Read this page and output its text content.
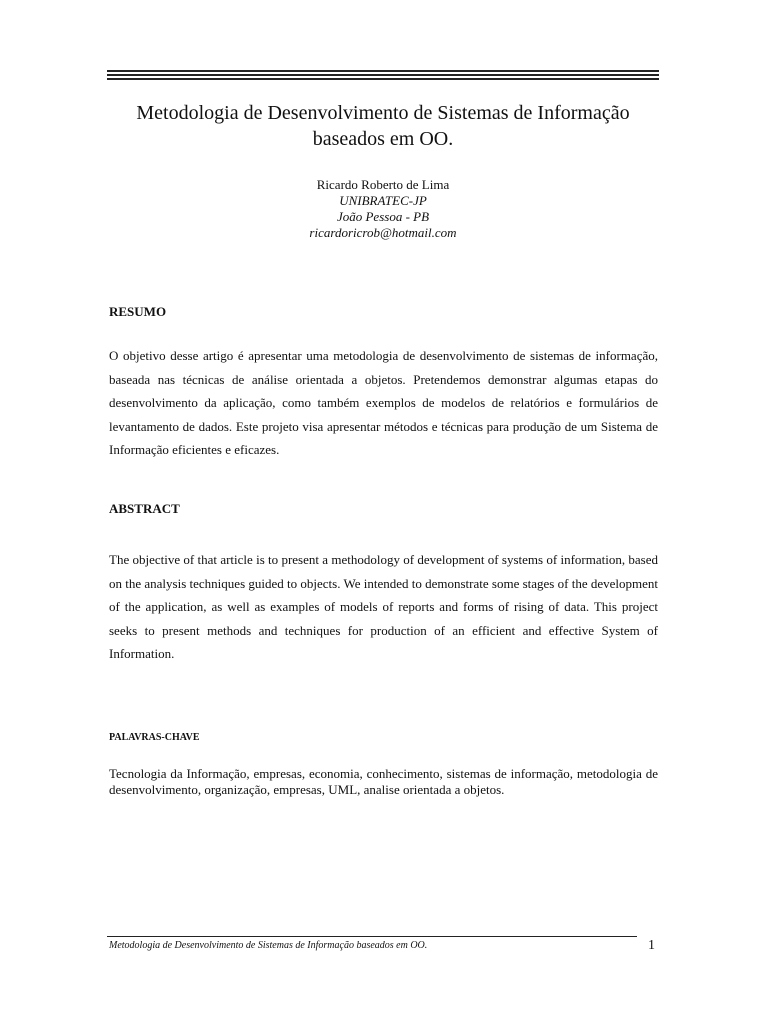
Metodologia de Desenvolvimento de Sistemas de Informação
baseados em OO.
Ricardo Roberto de Lima
UNIBRATEC-JP
João Pessoa - PB
ricardoricrob@hotmail.com
RESUMO

O objetivo desse artigo é apresentar uma metodologia de desenvolvimento de sistemas de informação, baseada nas técnicas de análise orientada a objetos. Pretendemos demonstrar algumas etapas do desenvolvimento da aplicação, como também exemplos de modelos de relatórios e formulários de levantamento de dados. Este projeto visa apresentar métodos e técnicas para produção de um Sistema de Informação eficientes e eficazes.

ABSTRACT

The objective of that article is to present a methodology of development of systems of information, based on the analysis techniques guided to objects. We intended to demonstrate some stages of the development of the application, as well as examples of models of reports and forms of rising of data. This project seeks to present methods and techniques for production of an efficient and effective System of Information.

PALAVRAS-CHAVE

Tecnologia da Informação, empresas, economia, conhecimento, sistemas de informação, metodologia de desenvolvimento, organização, empresas, UML, analise orientada a objetos.

Metodologia de Desenvolvimento de Sistemas de Informação baseados em OO.	1
